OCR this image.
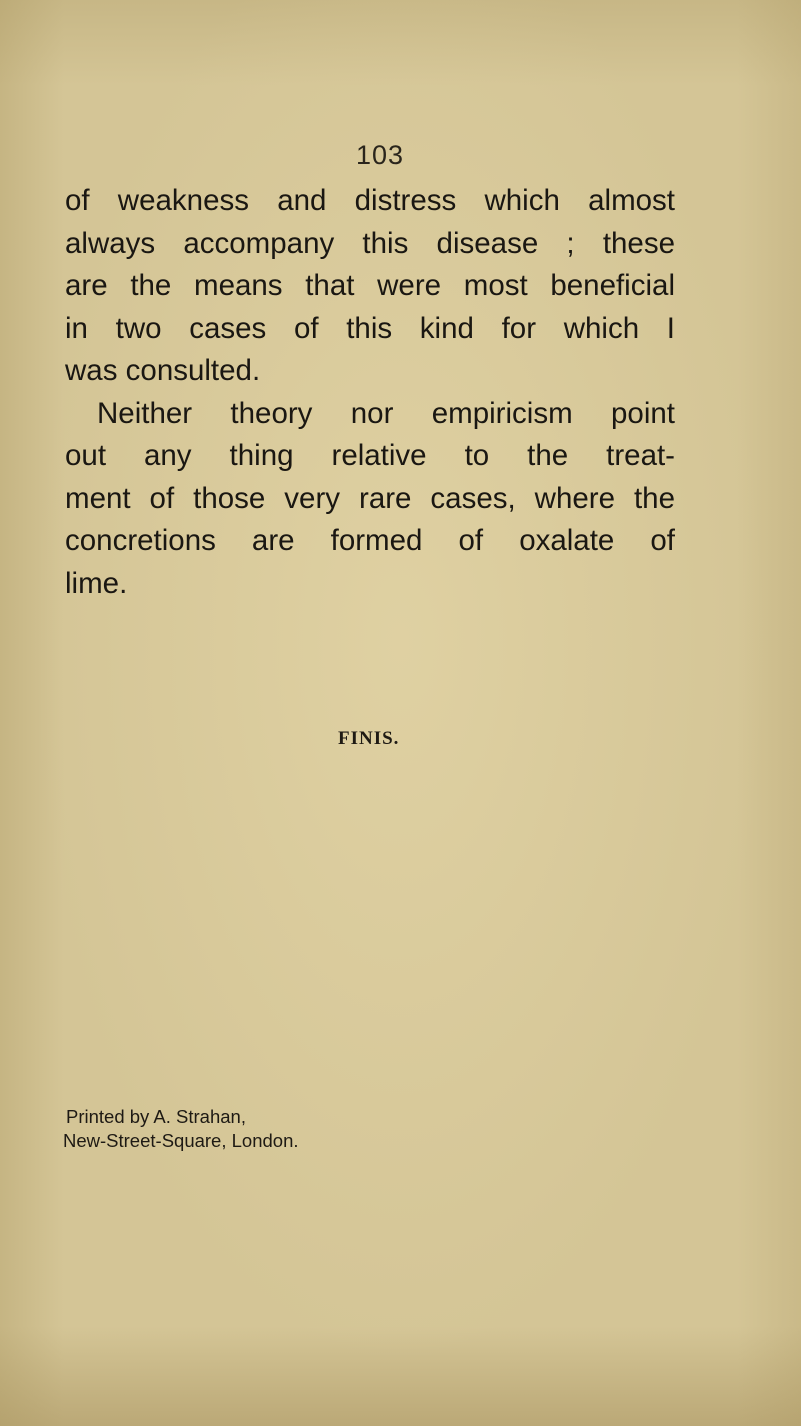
103
of weakness and distress which almost
always accompany this disease ; these
are the means that were most beneficial
in two cases of this kind for which I
was consulted.
Neither theory nor empiricism point
out any thing relative to the treat-
ment of those very rare cases, where the
concretions are formed of oxalate of
lime.
FINIS.
Printed by A. Strahan,
New-Street-Square, London.
